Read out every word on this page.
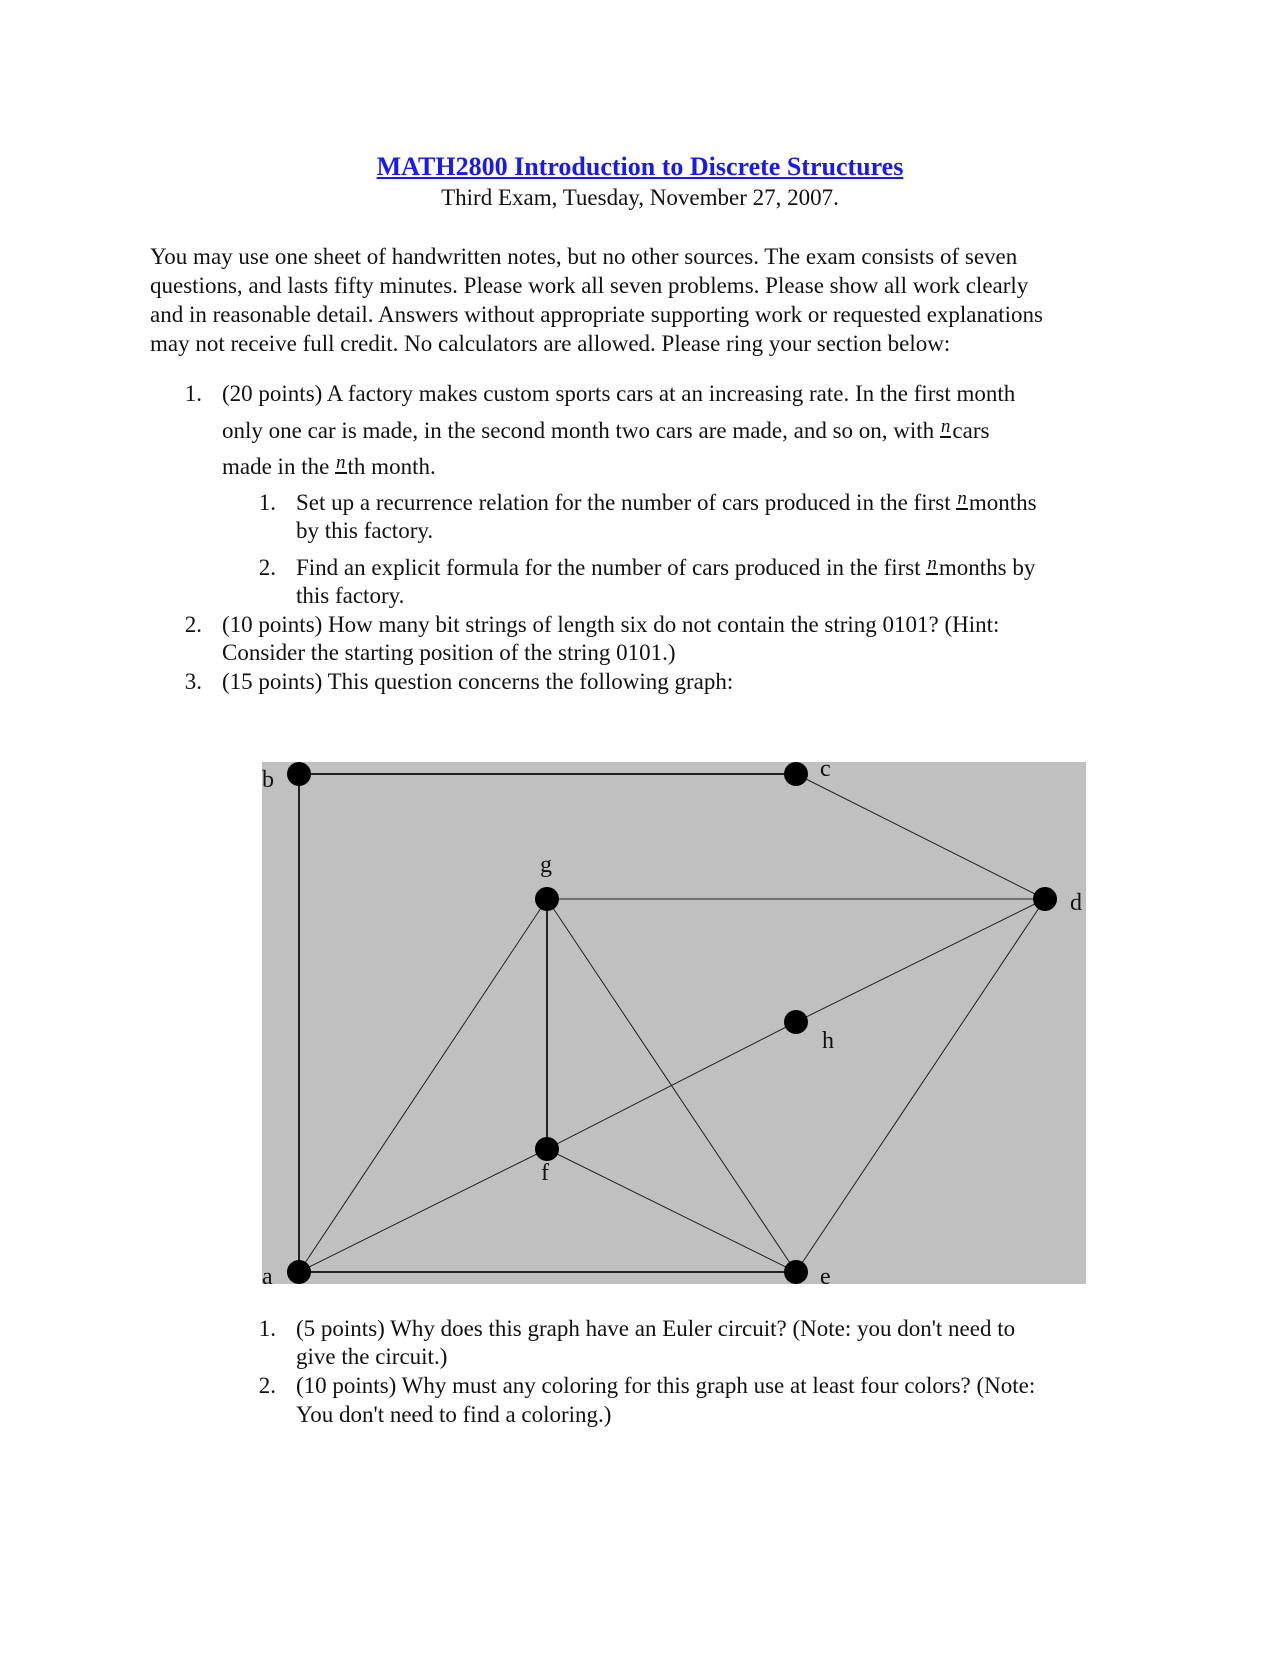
MATH2800 Introduction to Discrete Structures
Third Exam, Tuesday, November 27, 2007.

You may use one sheet of handwritten notes, but no other sources. The exam consists of seven

questions, and lasts fifty minutes. Please work all seven problems. Please show all work clearly

and in reasonable detail. Answers without appropriate supporting work or requested explanations

may not receive full credit. No calculators are allowed. Please ring your section below:

1. (20 points) A factory makes custom sports cars at an increasing rate. In the first month
only one car is made, in the second month two cars are made, and so on, with ncars
made in the nth month.
1. Set up a recurrence relation for the number of cars produced in the first nmonths
by this factory.
2. Find an explicit formula for the number of cars produced in the first nmonths by
this factory.
2. (10 points) How many bit strings of length six do not contain the string 0101? (Hint:
Consider the starting position of the string 0101.)
3. (15 points) This question concerns the following graph:
a
b	c
d
e
f
g
h
1. (5 points) Why does this graph have an Euler circuit? (Note: you don't need to
give the circuit.)
2. (10 points) Why must any coloring for this graph use at least four colors? (Note:
You don't need to find a coloring.)
